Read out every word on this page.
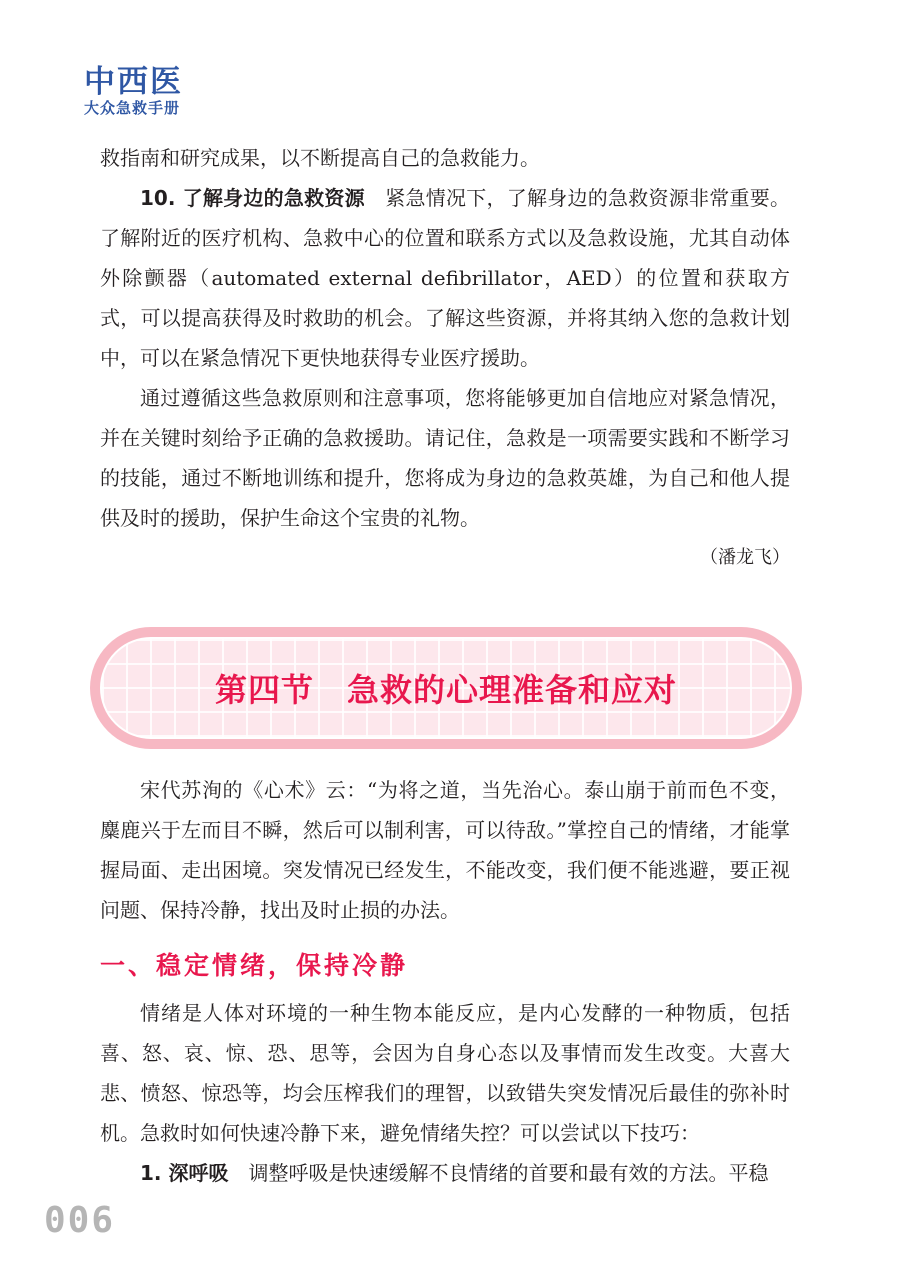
中西医
大众急救手册

救指南和研究成果，以不断提高自己的急救能力。

10. 了解身边的急救资源　 紧急情况下，了解身边的急救资源非常重要。了解附近的医疗机构、急救中心的位置和联系方式以及急救设施，尤其自动体外除颤器（automated external defibrillator，AED）的位置和获取方式，可以提高获得及时救助的机会。了解这些资源，并将其纳入您的急救计划中，可以在紧急情况下更快地获得专业医疗援助。

通过遵循这些急救原则和注意事项，您将能够更加自信地应对紧急情况，并在关键时刻给予正确的急救援助。请记住，急救是一项需要实践和不断学习的技能，通过不断地训练和提升，您将成为身边的急救英雄，为自己和他人提供及时的援助，保护生命这个宝贵的礼物。

（潘龙飞）

第四节　急救的心理准备和应对

宋代苏洵的《心术》云：“为将之道，当先治心。泰山崩于前而色不变，麋鹿兴于左而目不瞬，然后可以制利害，可以待敌。”掌控自己的情绪，才能掌握局面、走出困境。突发情况已经发生，不能改变，我们便不能逃避，要正视问题、保持冷静，找出及时止损的办法。

一、稳定情绪，保持冷静

情绪是人体对环境的一种生物本能反应，是内心发酵的一种物质，包括喜、怒、哀、惊、恐、思等，会因为自身心态以及事情而发生改变。大喜大悲、愤怒、惊恐等，均会压榨我们的理智，以致错失突发情况后最佳的弥补时机。急救时如何快速冷静下来，避免情绪失控？可以尝试以下技巧：

1. 深呼吸　 调整呼吸是快速缓解不良情绪的首要和最有效的方法。平稳

006
